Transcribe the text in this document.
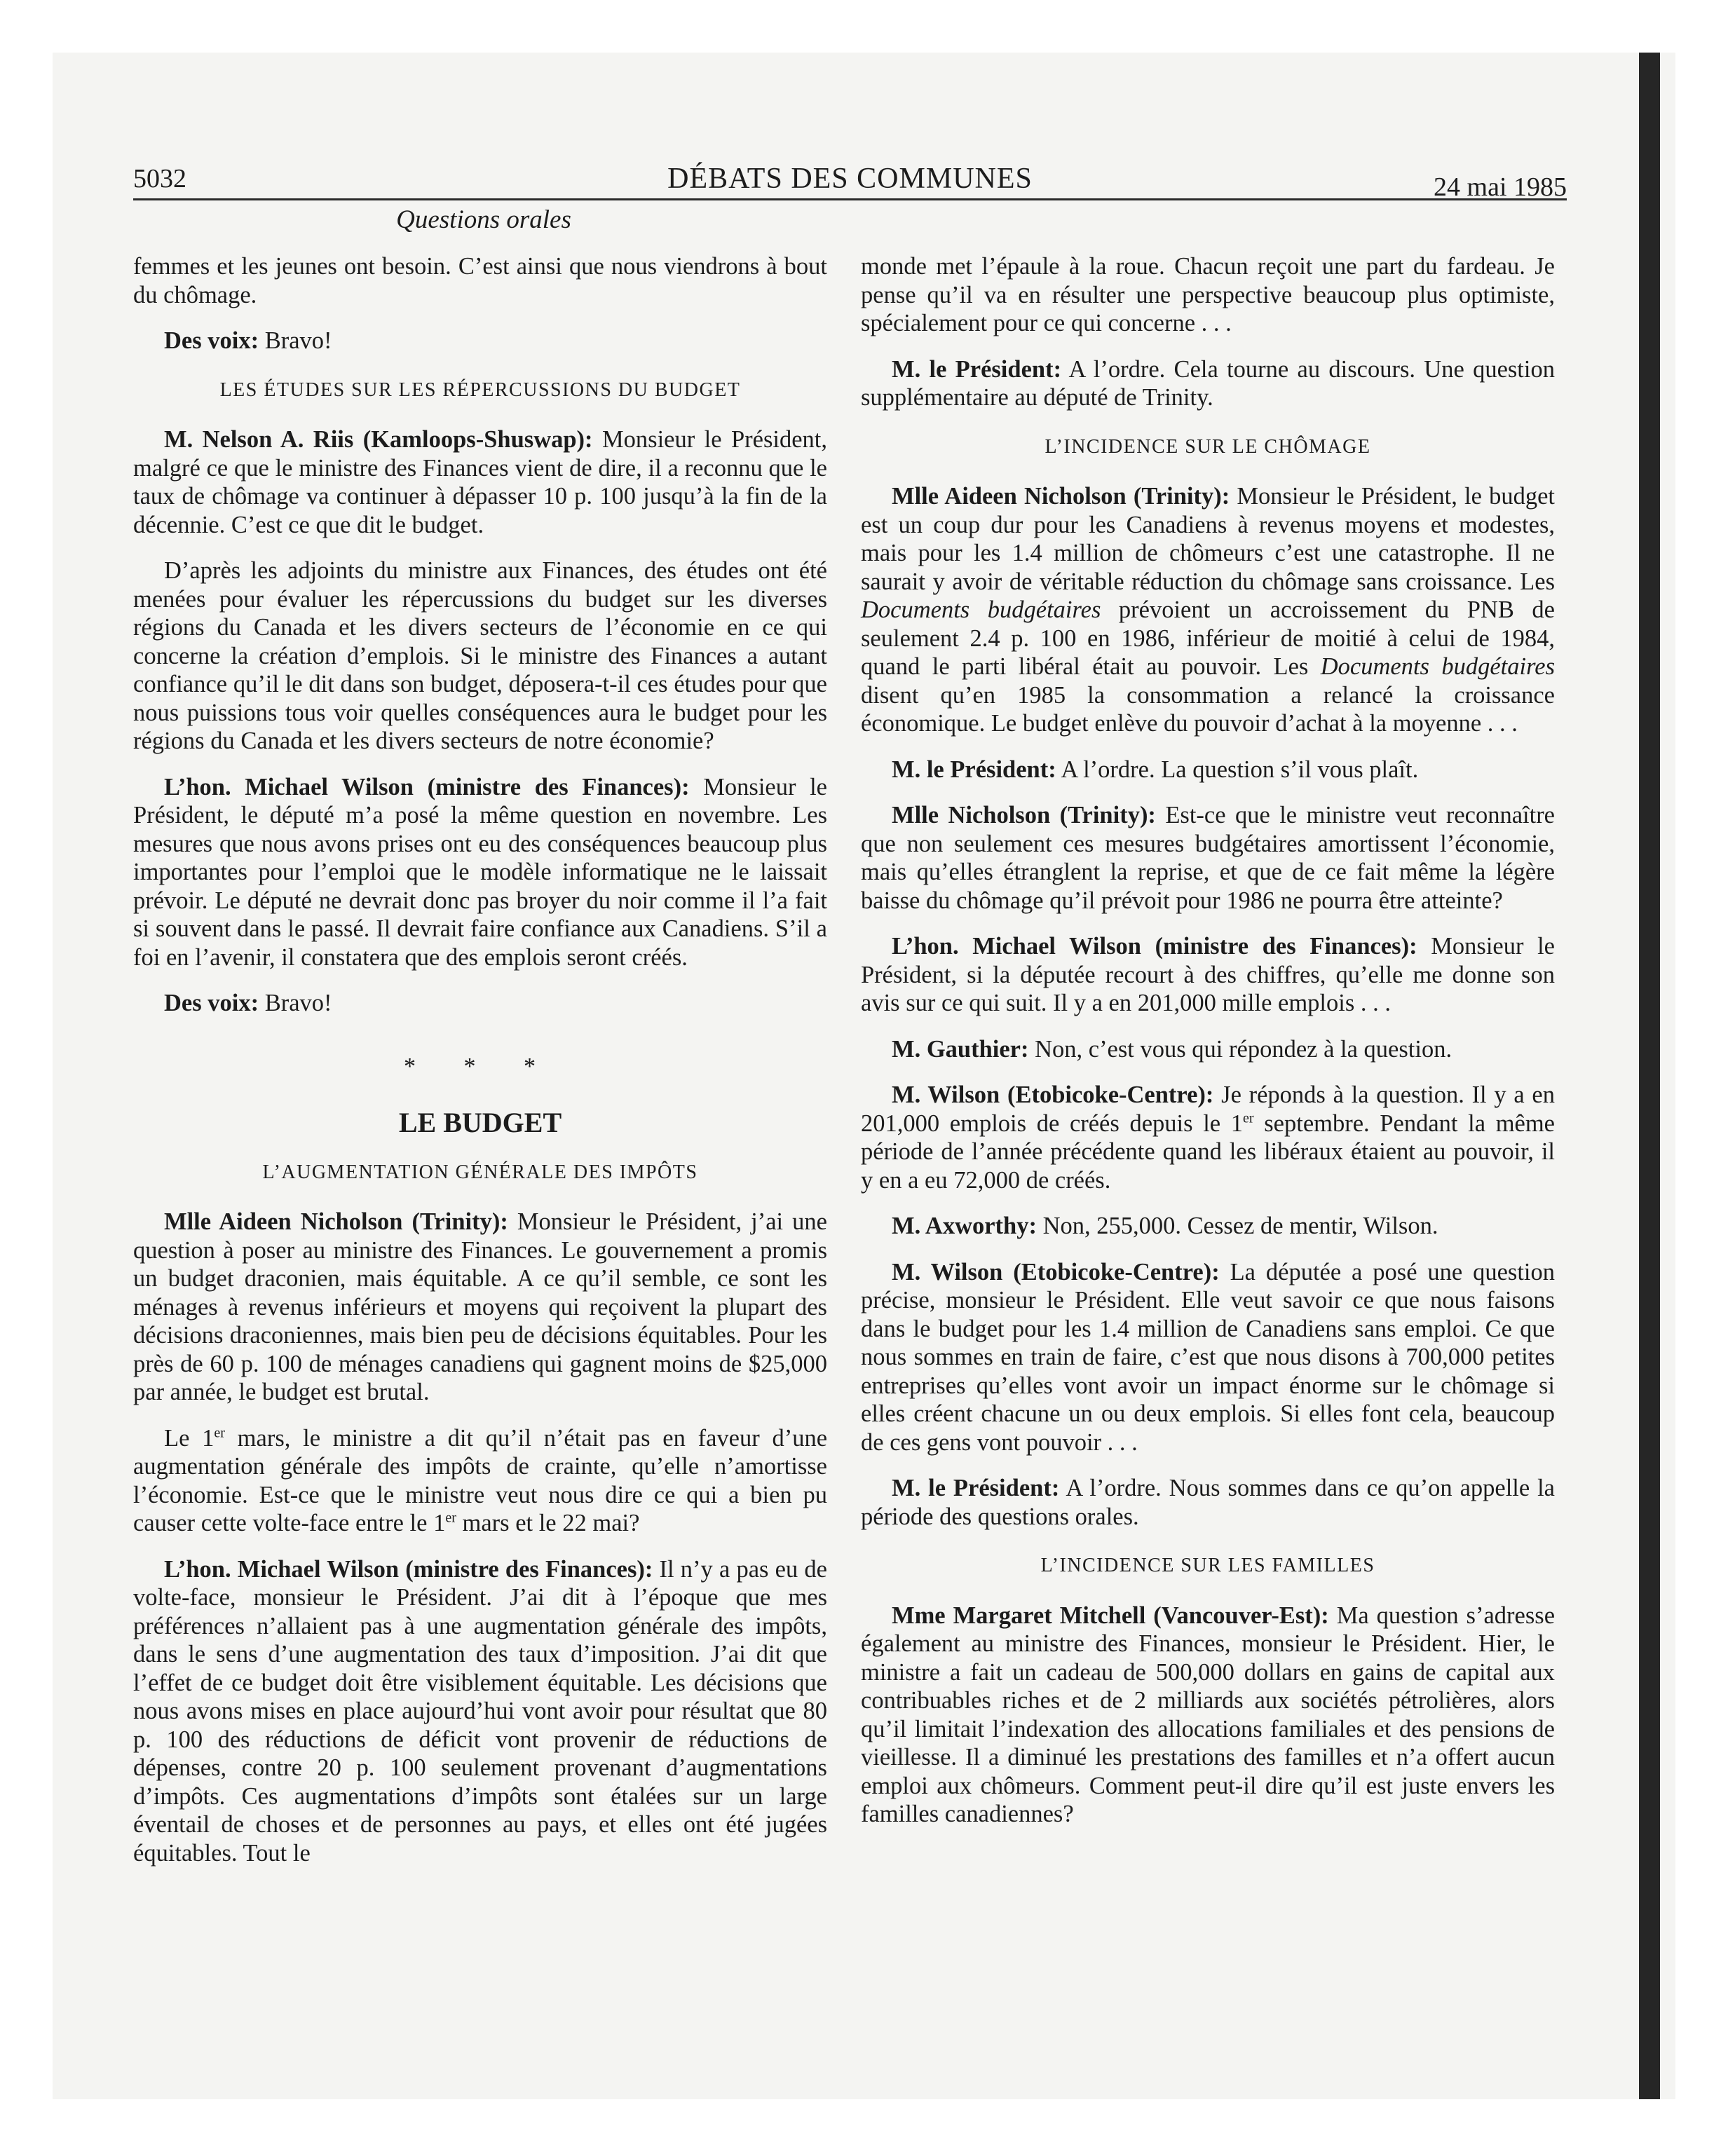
5032	DÉBATS DES COMMUNES	24 mai 1985
Questions orales

femmes et les jeunes ont besoin. C’est ainsi que nous viendrons à bout du chômage.

Des voix: Bravo!

LES ÉTUDES SUR LES RÉPERCUSSIONS DU BUDGET

M. Nelson A. Riis (Kamloops-Shuswap): Monsieur le Président, malgré ce que le ministre des Finances vient de dire, il a reconnu que le taux de chômage va continuer à dépasser 10 p. 100 jusqu’à la fin de la décennie. C’est ce que dit le budget.

D’après les adjoints du ministre aux Finances, des études ont été menées pour évaluer les répercussions du budget sur les diverses régions du Canada et les divers secteurs de l’économie en ce qui concerne la création d’emplois. Si le ministre des Finances a autant confiance qu’il le dit dans son budget, déposera-t-il ces études pour que nous puissions tous voir quelles conséquences aura le budget pour les régions du Canada et les divers secteurs de notre économie?

L’hon. Michael Wilson (ministre des Finances): Monsieur le Président, le député m’a posé la même question en novembre. Les mesures que nous avons prises ont eu des conséquences beaucoup plus importantes pour l’emploi que le modèle informatique ne le laissait prévoir. Le député ne devrait donc pas broyer du noir comme il l’a fait si souvent dans le passé. Il devrait faire confiance aux Canadiens. S’il a foi en l’avenir, il constatera que des emplois seront créés.

Des voix: Bravo!

* * *

LE BUDGET

L’AUGMENTATION GÉNÉRALE DES IMPÔTS

Mlle Aideen Nicholson (Trinity): Monsieur le Président, j’ai une question à poser au ministre des Finances. Le gouvernement a promis un budget draconien, mais équitable. A ce qu’il semble, ce sont les ménages à revenus inférieurs et moyens qui reçoivent la plupart des décisions draconiennes, mais bien peu de décisions équitables. Pour les près de 60 p. 100 de ménages canadiens qui gagnent moins de $25,000 par année, le budget est brutal.

Le 1er mars, le ministre a dit qu’il n’était pas en faveur d’une augmentation générale des impôts de crainte, qu’elle n’amortisse l’économie. Est-ce que le ministre veut nous dire ce qui a bien pu causer cette volte-face entre le 1er mars et le 22 mai?

L’hon. Michael Wilson (ministre des Finances): Il n’y a pas eu de volte-face, monsieur le Président. J’ai dit à l’époque que mes préférences n’allaient pas à une augmentation générale des impôts, dans le sens d’une augmentation des taux d’imposition. J’ai dit que l’effet de ce budget doit être visiblement équitable. Les décisions que nous avons mises en place aujourd’hui vont avoir pour résultat que 80 p. 100 des réductions de déficit vont provenir de réductions de dépenses, contre 20 p. 100 seulement provenant d’augmentations d’impôts. Ces augmentations d’impôts sont étalées sur un large éventail de choses et de personnes au pays, et elles ont été jugées équitables. Tout le

monde met l’épaule à la roue. Chacun reçoit une part du fardeau. Je pense qu’il va en résulter une perspective beaucoup plus optimiste, spécialement pour ce qui concerne . . .

M. le Président: A l’ordre. Cela tourne au discours. Une question supplémentaire au député de Trinity.

L’INCIDENCE SUR LE CHÔMAGE

Mlle Aideen Nicholson (Trinity): Monsieur le Président, le budget est un coup dur pour les Canadiens à revenus moyens et modestes, mais pour les 1.4 million de chômeurs c’est une catastrophe. Il ne saurait y avoir de véritable réduction du chômage sans croissance. Les Documents budgétaires prévoient un accroissement du PNB de seulement 2.4 p. 100 en 1986, inférieur de moitié à celui de 1984, quand le parti libéral était au pouvoir. Les Documents budgétaires disent qu’en 1985 la consommation a relancé la croissance économique. Le budget enlève du pouvoir d’achat à la moyenne . . .

M. le Président: A l’ordre. La question s’il vous plaît.

Mlle Nicholson (Trinity): Est-ce que le ministre veut reconnaître que non seulement ces mesures budgétaires amortissent l’économie, mais qu’elles étranglent la reprise, et que de ce fait même la légère baisse du chômage qu’il prévoit pour 1986 ne pourra être atteinte?

L’hon. Michael Wilson (ministre des Finances): Monsieur le Président, si la députée recourt à des chiffres, qu’elle me donne son avis sur ce qui suit. Il y a en 201,000 mille emplois . . .

M. Gauthier: Non, c’est vous qui répondez à la question.

M. Wilson (Etobicoke-Centre): Je réponds à la question. Il y a en 201,000 emplois de créés depuis le 1er septembre. Pendant la même période de l’année précédente quand les libéraux étaient au pouvoir, il y en a eu 72,000 de créés.

M. Axworthy: Non, 255,000. Cessez de mentir, Wilson.

M. Wilson (Etobicoke-Centre): La députée a posé une question précise, monsieur le Président. Elle veut savoir ce que nous faisons dans le budget pour les 1.4 million de Canadiens sans emploi. Ce que nous sommes en train de faire, c’est que nous disons à 700,000 petites entreprises qu’elles vont avoir un impact énorme sur le chômage si elles créent chacune un ou deux emplois. Si elles font cela, beaucoup de ces gens vont pouvoir . . .

M. le Président: A l’ordre. Nous sommes dans ce qu’on appelle la période des questions orales.

L’INCIDENCE SUR LES FAMILLES

Mme Margaret Mitchell (Vancouver-Est): Ma question s’adresse également au ministre des Finances, monsieur le Président. Hier, le ministre a fait un cadeau de 500,000 dollars en gains de capital aux contribuables riches et de 2 milliards aux sociétés pétrolières, alors qu’il limitait l’indexation des allocations familiales et des pensions de vieillesse. Il a diminué les prestations des familles et n’a offert aucun emploi aux chômeurs. Comment peut-il dire qu’il est juste envers les familles canadiennes?
